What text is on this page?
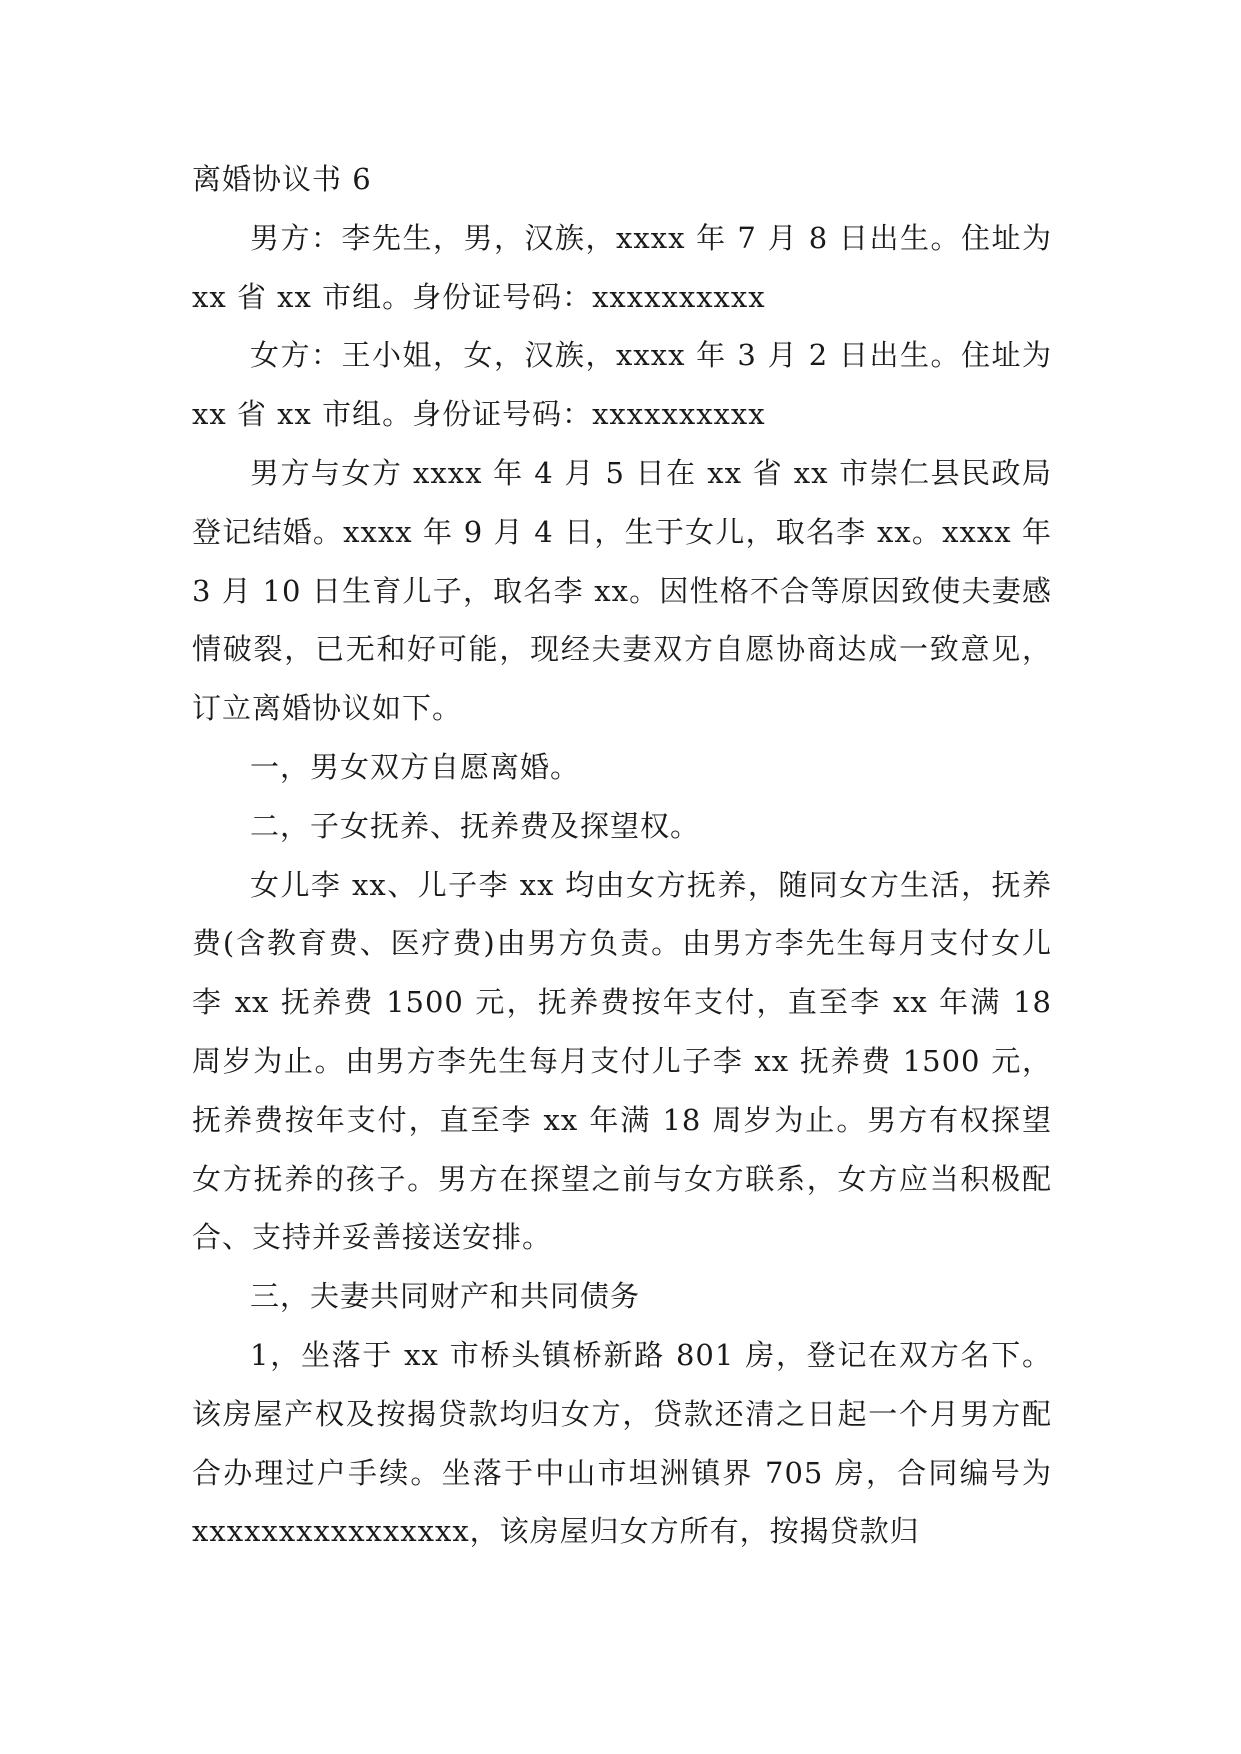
离婚协议书 6

男方：李先生，男，汉族，xxxx 年 7 月 8 日出生。住址为 xx 省 xx 市组。身份证号码：xxxxxxxxxx

女方：王小姐，女，汉族，xxxx 年 3 月 2 日出生。住址为 xx 省 xx 市组。身份证号码：xxxxxxxxxx

男方与女方 xxxx 年 4 月 5 日在 xx 省 xx 市崇仁县民政局登记结婚。xxxx 年 9 月 4 日，生于女儿，取名李 xx。xxxx 年 3 月 10 日生育儿子，取名李 xx。因性格不合等原因致使夫妻感情破裂，已无和好可能，现经夫妻双方自愿协商达成一致意见，订立离婚协议如下。

一，男女双方自愿离婚。

二，子女抚养、抚养费及探望权。

女儿李 xx、儿子李 xx 均由女方抚养，随同女方生活，抚养费(含教育费、医疗费)由男方负责。由男方李先生每月支付女儿李 xx 抚养费 1500 元，抚养费按年支付，直至李 xx 年满 18 周岁为止。由男方李先生每月支付儿子李 xx 抚养费 1500 元，抚养费按年支付，直至李 xx 年满 18 周岁为止。男方有权探望女方抚养的孩子。男方在探望之前与女方联系，女方应当积极配合、支持并妥善接送安排。

三，夫妻共同财产和共同债务

1，坐落于 xx 市桥头镇桥新路 801 房，登记在双方名下。该房屋产权及按揭贷款均归女方，贷款还清之日起一个月男方配合办理过户手续。坐落于中山市坦洲镇界 705 房，合同编号为 xxxxxxxxxxxxxxxx，该房屋归女方所有，按揭贷款归
